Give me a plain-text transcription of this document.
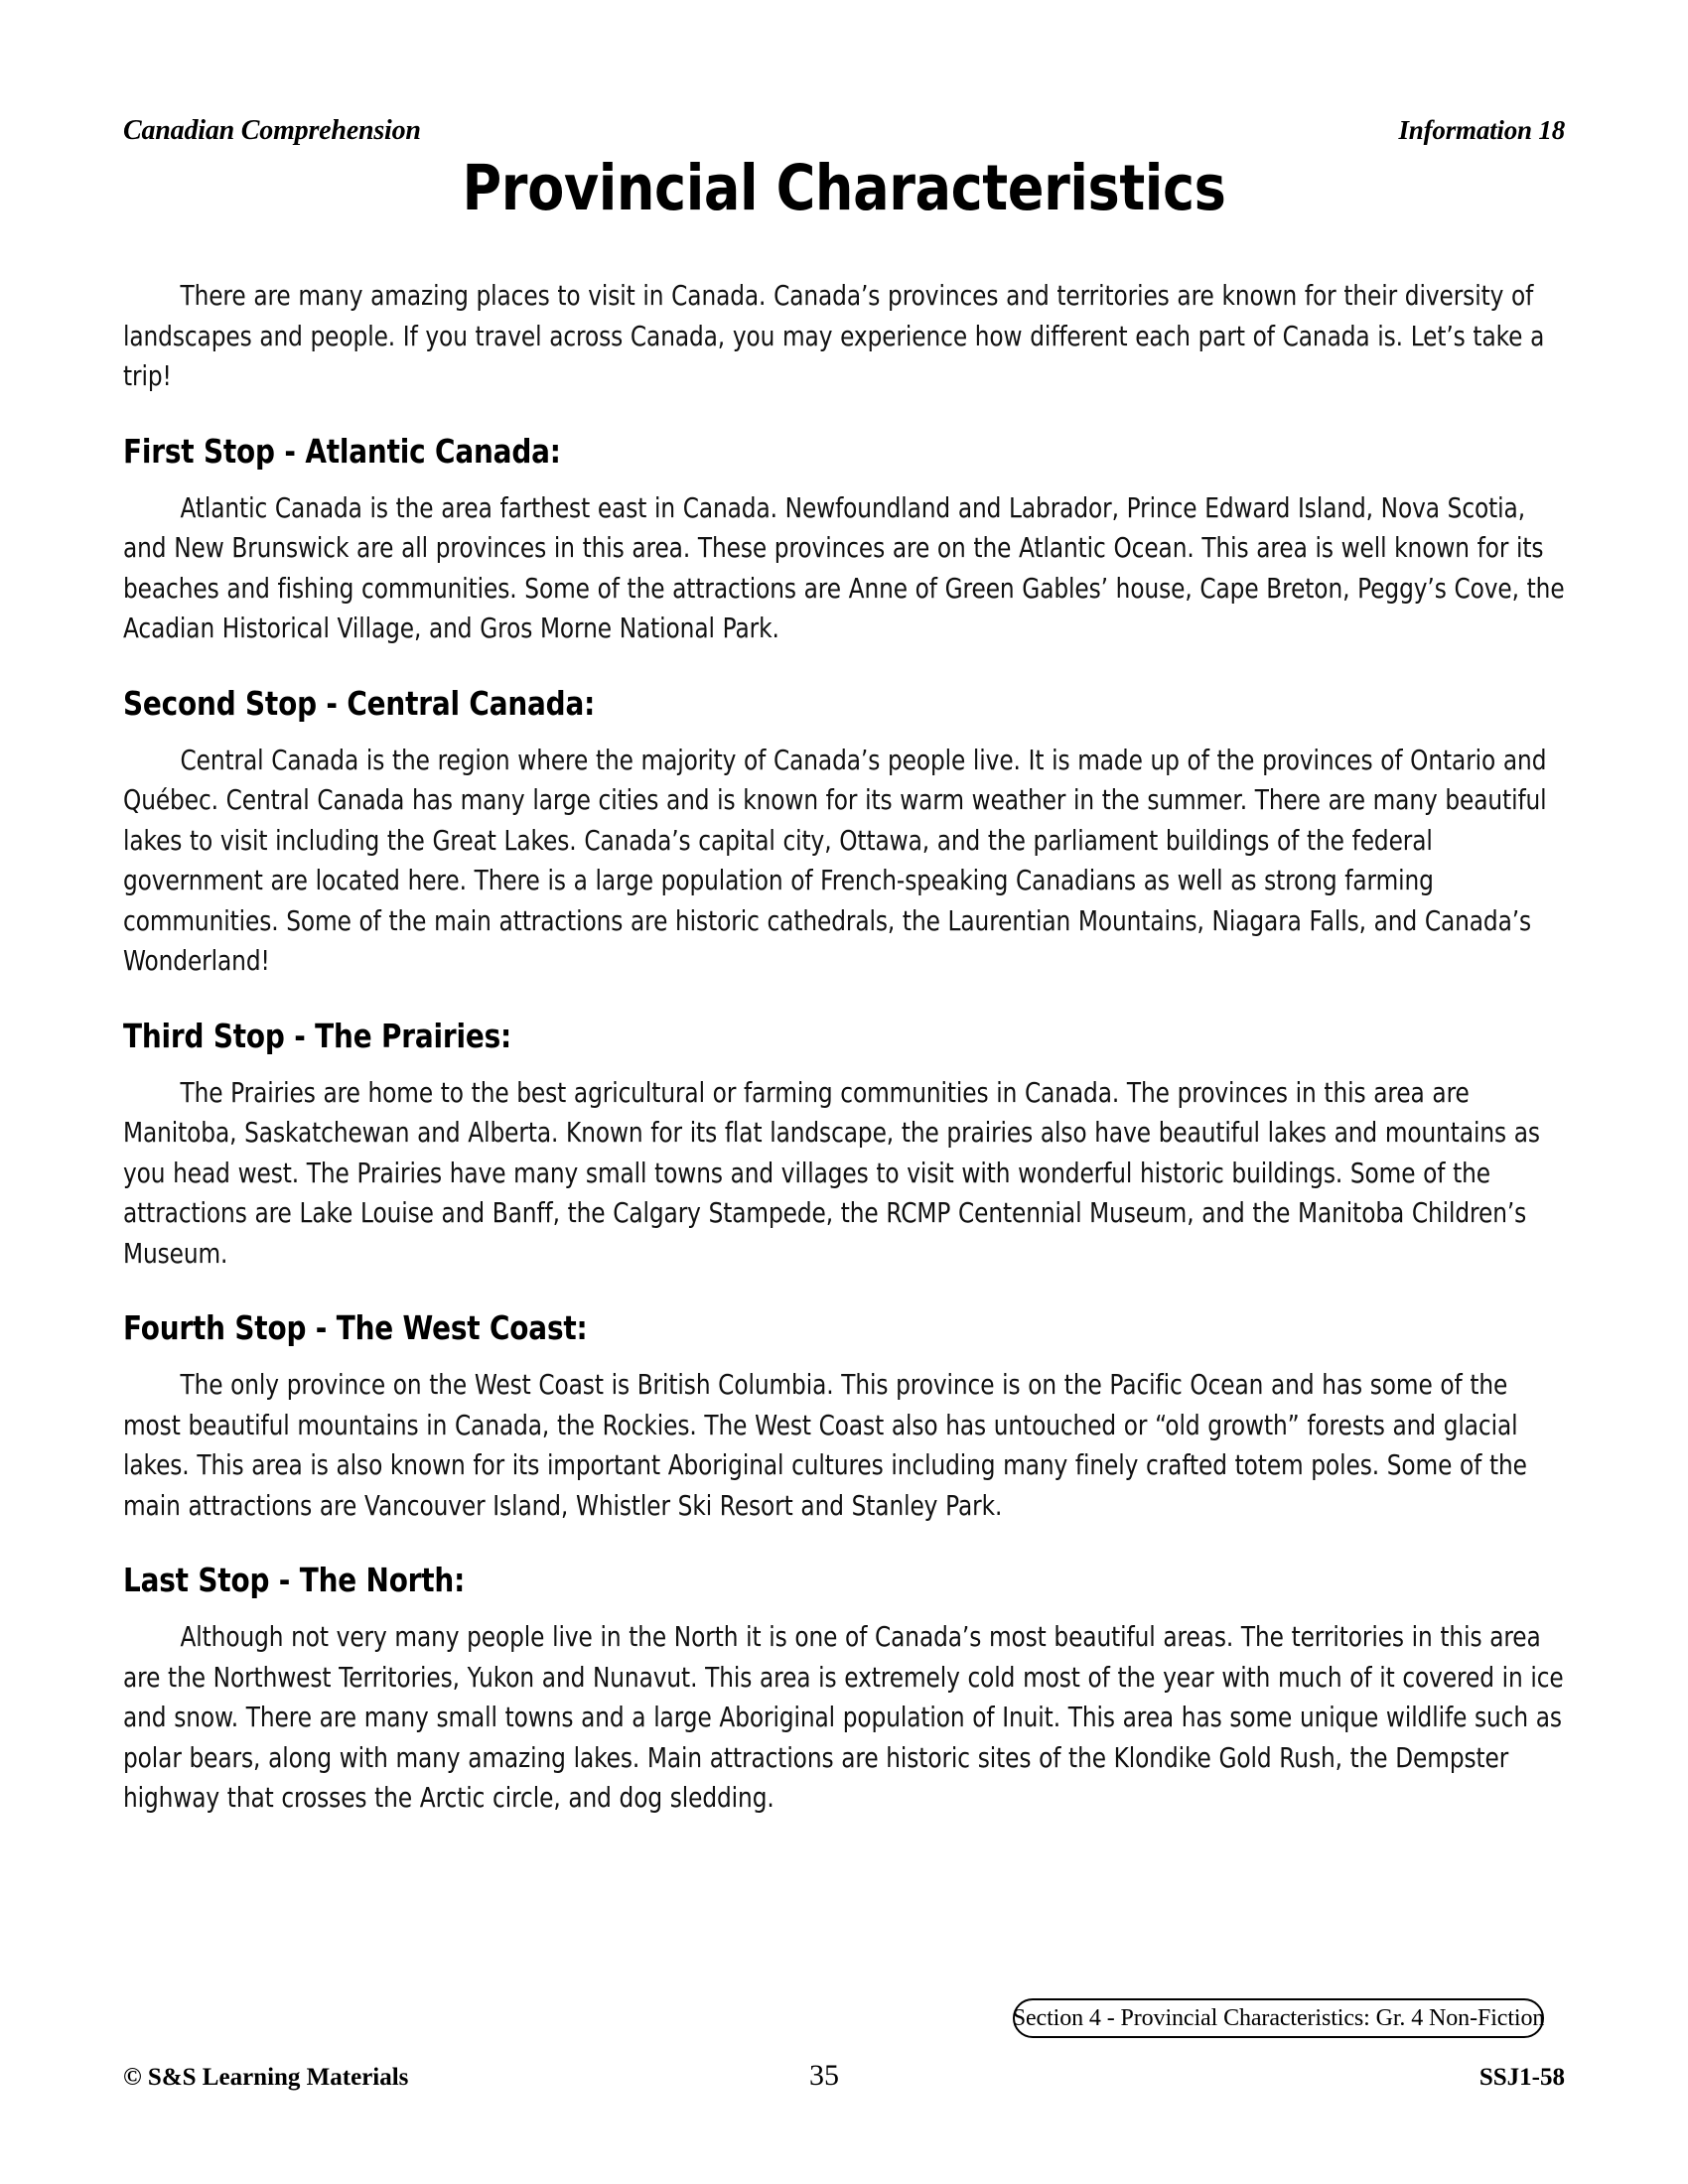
Canadian Comprehension	Information 18
Provincial Characteristics

There are many amazing places to visit in Canada. Canada’s provinces and territories are known for their diversity of landscapes and people. If you travel across Canada, you may experience how different each part of Canada is. Let’s take a trip!

First Stop - Atlantic Canada:

Atlantic Canada is the area farthest east in Canada. Newfoundland and Labrador, Prince Edward Island, Nova Scotia, and New Brunswick are all provinces in this area. These provinces are on the Atlantic Ocean. This area is well known for its beaches and fishing communities. Some of the attractions are Anne of Green Gables’ house, Cape Breton, Peggy’s Cove, the Acadian Historical Village, and Gros Morne National Park.

Second Stop - Central Canada:

Central Canada is the region where the majority of Canada’s people live. It is made up of the provinces of Ontario and Québec. Central Canada has many large cities and is known for its warm weather in the summer. There are many beautiful lakes to visit including the Great Lakes. Canada’s capital city, Ottawa, and the parliament buildings of the federal government are located here. There is a large population of French-speaking Canadians as well as strong farming communities. Some of the main attractions are historic cathedrals, the Laurentian Mountains, Niagara Falls, and Canada’s Wonderland!

Third Stop - The Prairies:

The Prairies are home to the best agricultural or farming communities in Canada. The provinces in this area are Manitoba, Saskatchewan and Alberta. Known for its flat landscape, the prairies also have beautiful lakes and mountains as you head west. The Prairies have many small towns and villages to visit with wonderful historic buildings. Some of the attractions are Lake Louise and Banff, the Calgary Stampede, the RCMP Centennial Museum, and the Manitoba Children’s Museum.

Fourth Stop - The West Coast:

The only province on the West Coast is British Columbia. This province is on the Pacific Ocean and has some of the most beautiful mountains in Canada, the Rockies. The West Coast also has untouched or “old growth” forests and glacial lakes. This area is also known for its important Aboriginal cultures including many finely crafted totem poles. Some of the main attractions are Vancouver Island, Whistler Ski Resort and Stanley Park.

Last Stop - The North:

Although not very many people live in the North it is one of Canada’s most beautiful areas. The territories in this area are the Northwest Territories, Yukon and Nunavut. This area is extremely cold most of the year with much of it covered in ice and snow. There are many small towns and a large Aboriginal population of Inuit. This area has some unique wildlife such as polar bears, along with many amazing lakes. Main attractions are historic sites of the Klondike Gold Rush, the Dempster highway that crosses the Arctic circle, and dog sledding.

Section 4 - Provincial Characteristics: Gr. 4 Non-Fiction
© S&S Learning Materials	35	SSJ1-58
